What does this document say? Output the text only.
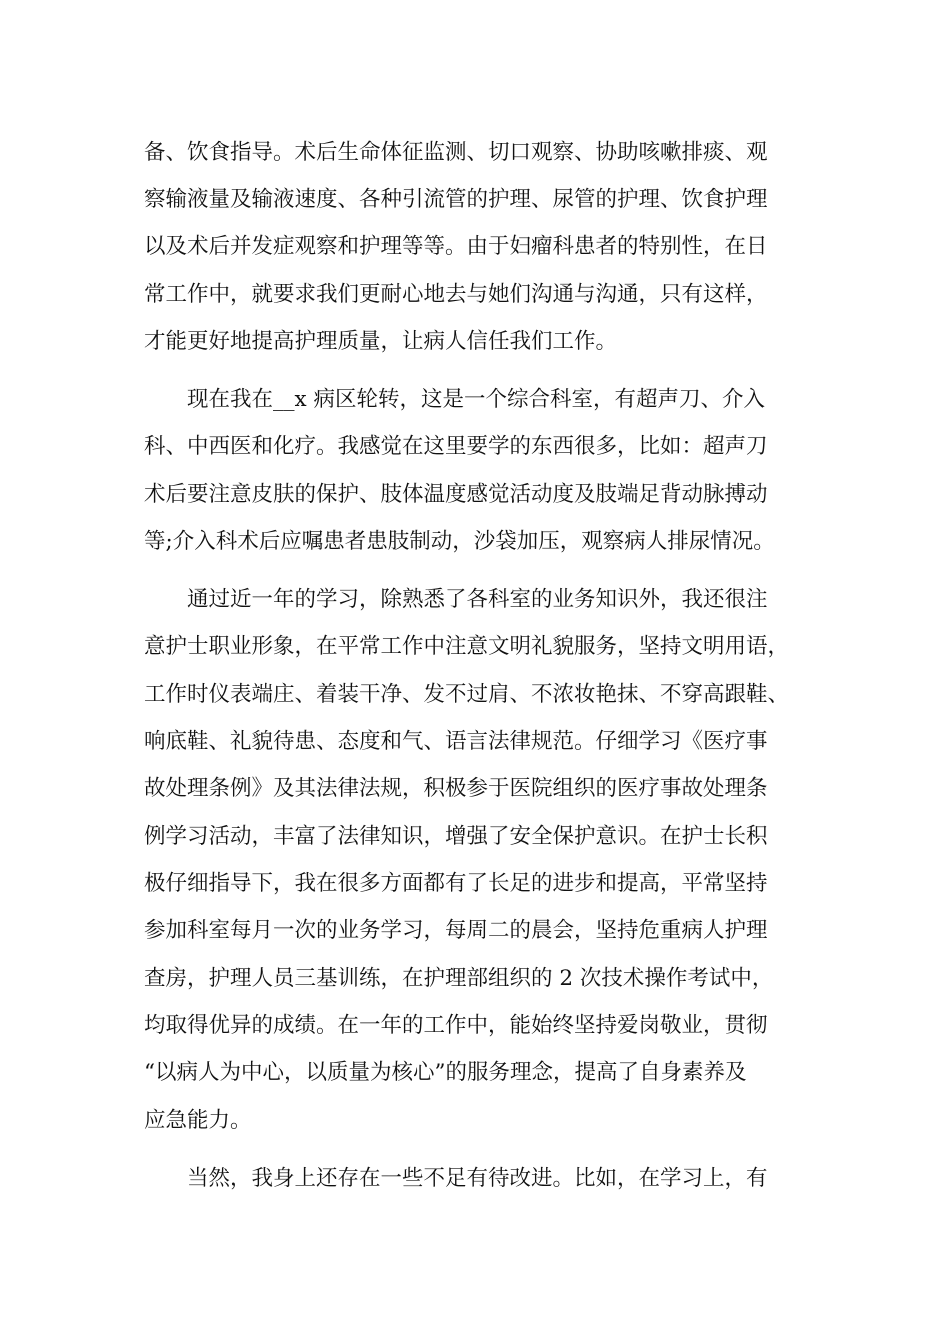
备、饮食指导。术后生命体征监测、切口观察、协助咳嗽排痰、观
察输液量及输液速度、各种引流管的护理、尿管的护理、饮食护理
以及术后并发症观察和护理等等。由于妇瘤科患者的特别性，在日
常工作中，就要求我们更耐心地去与她们沟通与沟通，只有这样，
才能更好地提高护理质量，让病人信任我们工作。
现在我在__x 病区轮转，这是一个综合科室，有超声刀、介入
科、中西医和化疗。我感觉在这里要学的东西很多，比如：超声刀
术后要注意皮肤的保护、肢体温度感觉活动度及肢端足背动脉搏动
等;介入科术后应嘱患者患肢制动，沙袋加压，观察病人排尿情况。
通过近一年的学习，除熟悉了各科室的业务知识外，我还很注
意护士职业形象，在平常工作中注意文明礼貌服务，坚持文明用语，
工作时仪表端庄、着装干净、发不过肩、不浓妆艳抹、不穿高跟鞋、
响底鞋、礼貌待患、态度和气、语言法律规范。仔细学习《医疗事
故处理条例》及其法律法规，积极参于医院组织的医疗事故处理条
例学习活动，丰富了法律知识，增强了安全保护意识。在护士长积
极仔细指导下，我在很多方面都有了长足的进步和提高，平常坚持
参加科室每月一次的业务学习，每周二的晨会，坚持危重病人护理
查房，护理人员三基训练，在护理部组织的 2 次技术操作考试中，
均取得优异的成绩。在一年的工作中，能始终坚持爱岗敬业，贯彻
“以病人为中心，以质量为核心”的服务理念，提高了自身素养及
应急能力。
当然，我身上还存在一些不足有待改进。比如，在学习上，有
